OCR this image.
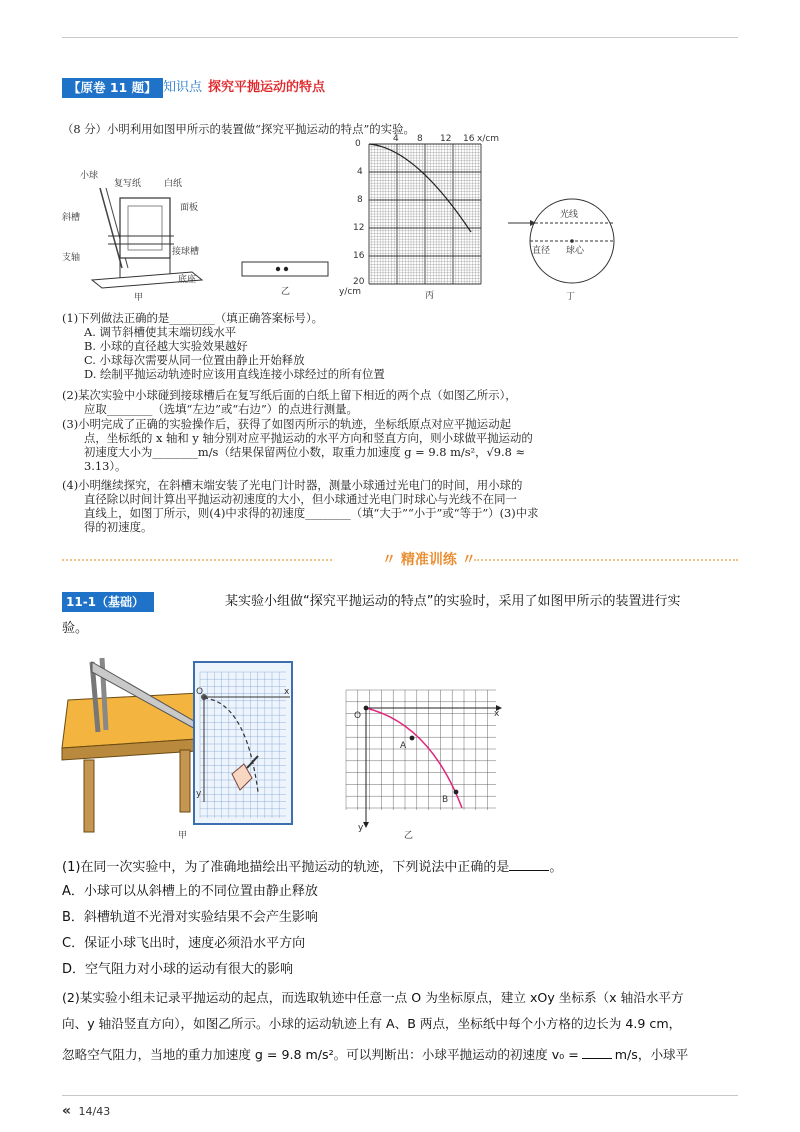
【原卷 11 题】 知识点 探究平抛运动的特点
（8 分）小明利用如图甲所示的装置做“探究平抛运动的特点”的实验。
小球
复写纸	白纸
斜槽
面板
支轴
接球槽
底座
甲
乙
0	4 8 12 16 x/cm
4
8
12
16
20
y/cm	丙
光线
直径 球心
丁
(1)下列做法正确的是________（填正确答案标号）。
A. 调节斜槽使其末端切线水平
B. 小球的直径越大实验效果越好
C. 小球每次需要从同一位置由静止开始释放
D. 绘制平抛运动轨迹时应该用直线连接小球经过的所有位置
(2)某次实验中小球碰到接球槽后在复写纸后面的白纸上留下相近的两个点（如图乙所示），
应取________（选填“左边”或“右边”）的点进行测量。
(3)小明完成了正确的实验操作后，获得了如图丙所示的轨迹，坐标纸原点对应平抛运动起
点，坐标纸的 x 轴和 y 轴分别对应平抛运动的水平方向和竖直方向，则小球做平抛运动的
初速度大小为________m/s（结果保留两位小数，取重力加速度 g = 9.8 m/s²，√9.8 ≈
3.13）。
(4)小明继续探究，在斜槽末端安装了光电门计时器，测量小球通过光电门的时间，用小球的
直径除以时间计算出平抛运动初速度的大小，但小球通过光电门时球心与光线不在同一
直线上，如图丁所示，则(4)中求得的初速度________（填“大于”“小于”或“等于”）(3)中求
得的初速度。
〃 精准训练 〃
11-1（基础）	某实验小组做“探究平抛运动的特点”的实验时，采用了如图甲所示的装置进行实
验。
O	x
y
甲
O
A
B
x
y
乙
(1)在同一次实验中，为了准确地描绘出平抛运动的轨迹，下列说法中正确的是	。
A．小球可以从斜槽上的不同位置由静止释放
B．斜槽轨道不光滑对实验结果不会产生影响
C．保证小球飞出时，速度必须沿水平方向
D．空气阻力对小球的运动有很大的影响
(2)某实验小组未记录平抛运动的起点，而选取轨迹中任意一点 O 为坐标原点，建立 xOy 坐标系（x 轴沿水平方
向、y 轴沿竖直方向），如图乙所示。小球的运动轨迹上有 A、B 两点，坐标纸中每个小方格的边长为 4.9 cm，
忽略空气阻力，当地的重力加速度 g = 9.8 m/s²。可以判断出：小球平抛运动的初速度 v₀ =	m/s，小球平
« 14/43
